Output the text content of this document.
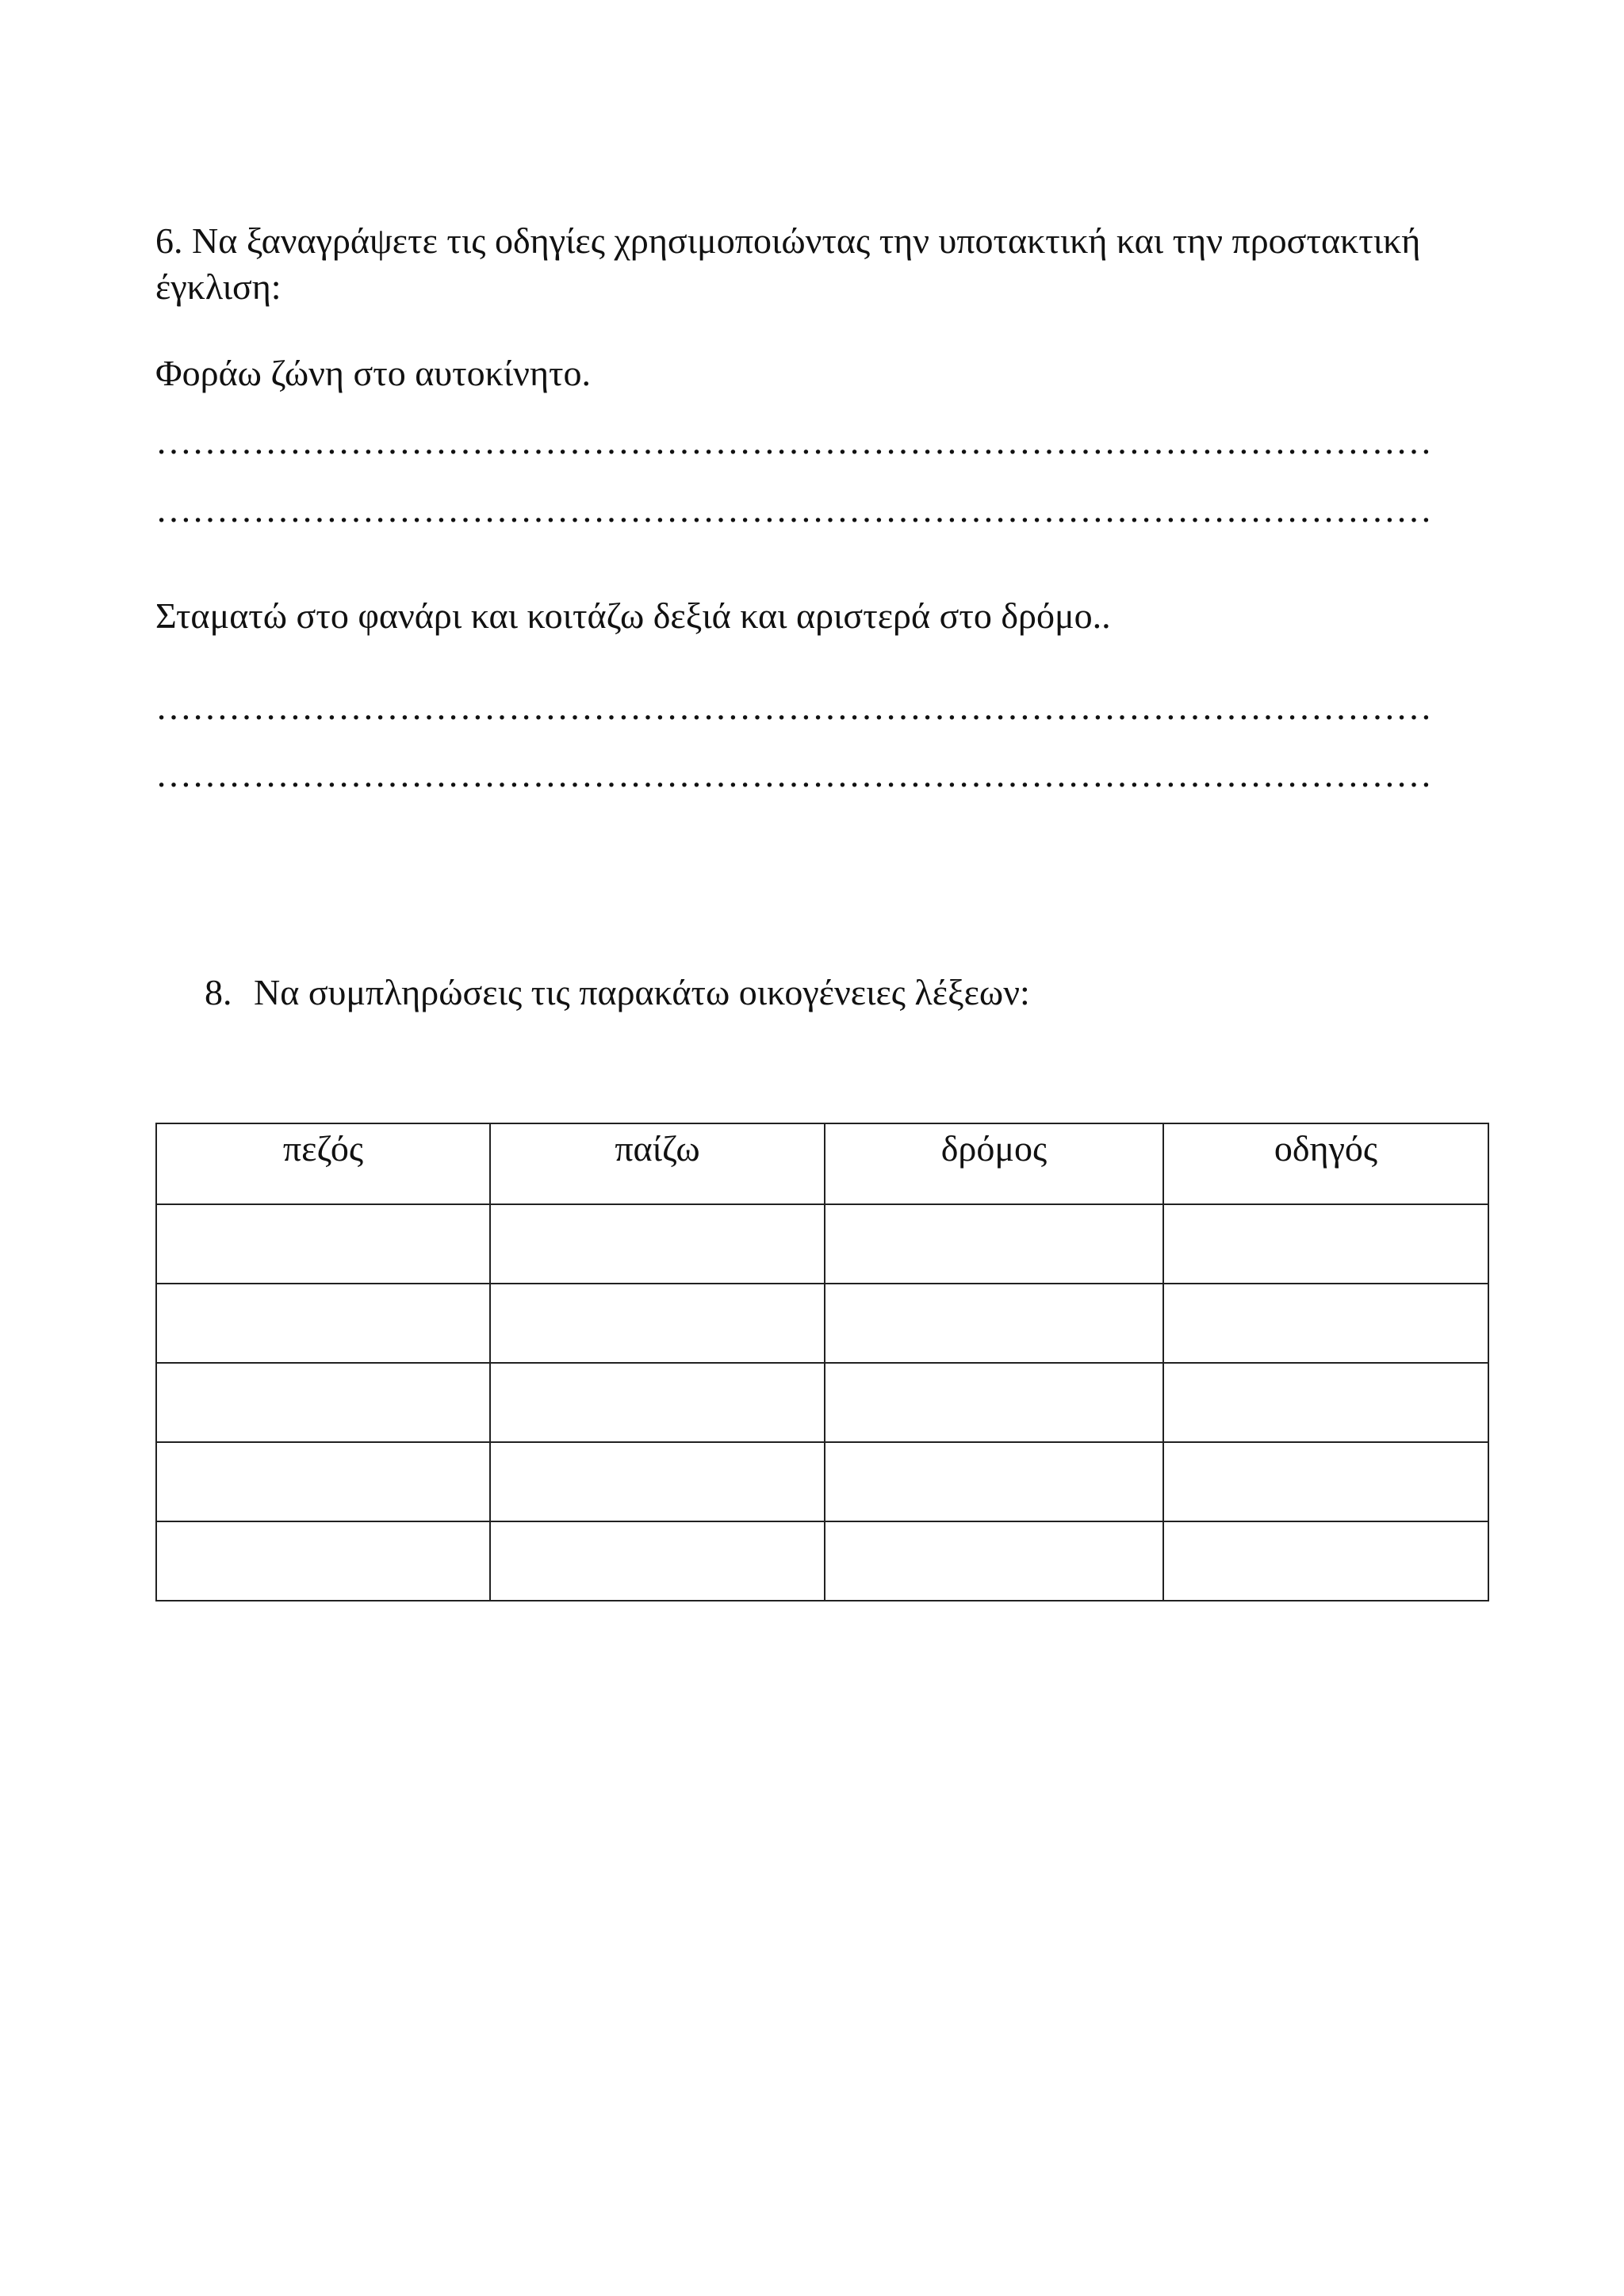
6. Να ξαναγράψετε τις οδηγίες χρησιμοποιώντας την υποτακτική και την προστακτική
έγκλιση:
Φοράω ζώνη στο αυτοκίνητο.
……………………………………………………………………………………………
……………………………………………………………………………………………
Σταματώ στο φανάρι και κοιτάζω δεξιά και αριστερά στο δρόμο..
……………………………………………………………………………………………
……………………………………………………………………………………………
8. Να συμπληρώσεις τις παρακάτω οικογένειες λέξεων:
πεζός	παίζω	δρόμος	οδηγός
